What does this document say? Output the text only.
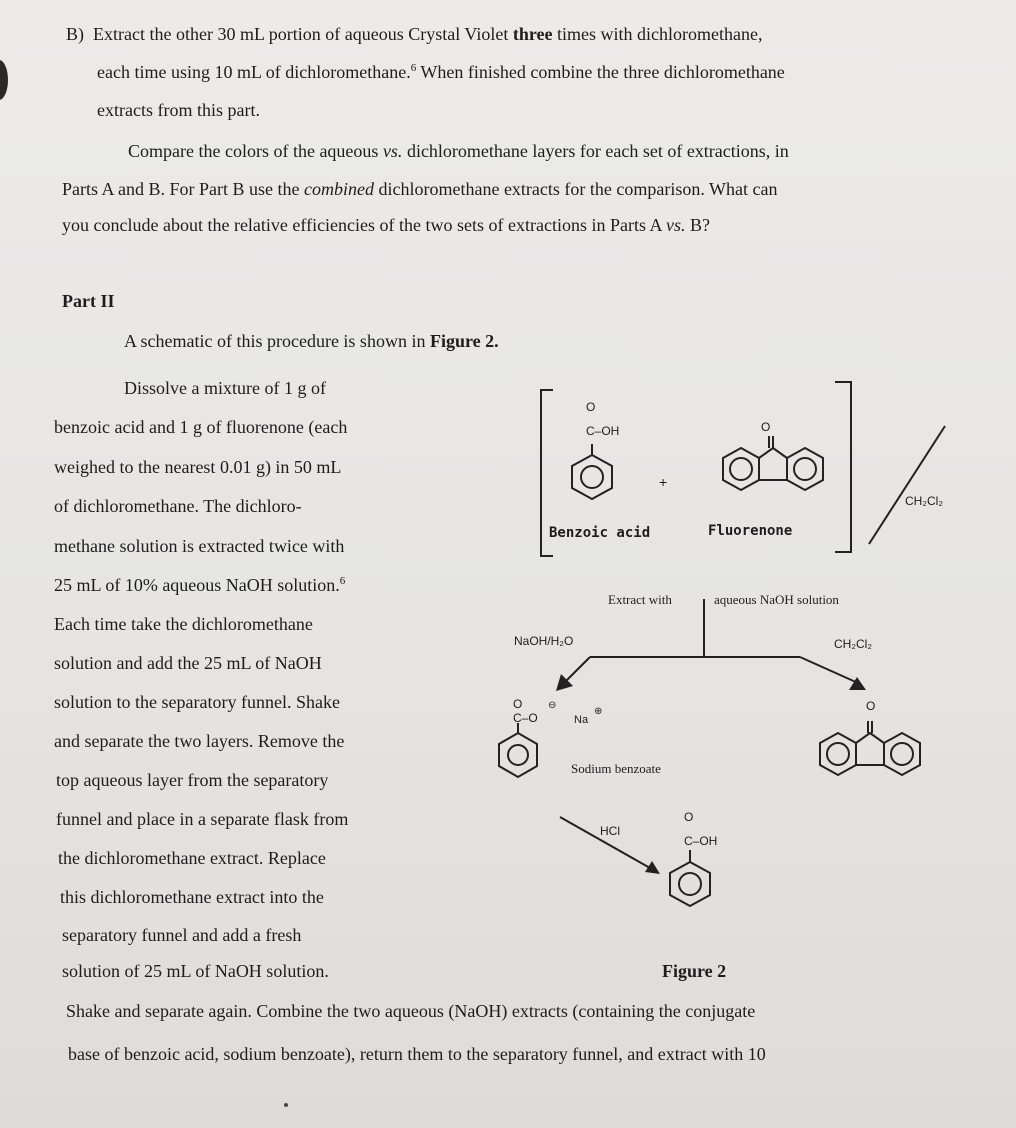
B) Extract the other 30 mL portion of aqueous Crystal Violet three times with dichloromethane,
each time using 10 mL of dichloromethane.$^6$ When finished combine the three dichloromethane
extracts from this part.
Compare the colors of the aqueous vs. dichloromethane layers for each set of extractions, in
Parts A and B. For Part B use the combined dichloromethane extracts for the comparison. What can
you conclude about the relative efficiencies of the two sets of extractions in Parts A vs. B?
Part II
A schematic of this procedure is shown in Figure 2.
Dissolve a mixture of 1 g of
benzoic acid and 1 g of fluorenone (each
weighed to the nearest 0.01 g) in 50 mL
of dichloromethane. The dichloro-
methane solution is extracted twice with
25 mL of 10% aqueous NaOH solution.$^6$
Each time take the dichloromethane
solution and add the 25 mL of NaOH
solution to the separatory funnel. Shake
and separate the two layers. Remove the
top aqueous layer from the separatory
funnel and place in a separate flask from
the dichloromethane extract. Replace
this dichloromethane extract into the
separatory funnel and add a fresh
solution of 25 mL of NaOH solution.	Figure 2
Shake and separate again. Combine the two aqueous (NaOH) extracts (containing the conjugate
base of benzoic acid, sodium benzoate), return them to the separatory funnel, and extract with 10
O
C–OH	O
+
Benzoic acid	Fluorenone
CH₂Cl₂
Extract with	aqueous NaOH solution
NaOH/H₂O	CH₂Cl₂
O
C–O
⊖
Na
⊕
Sodium benzoate
O
HCl
O
C–OH
